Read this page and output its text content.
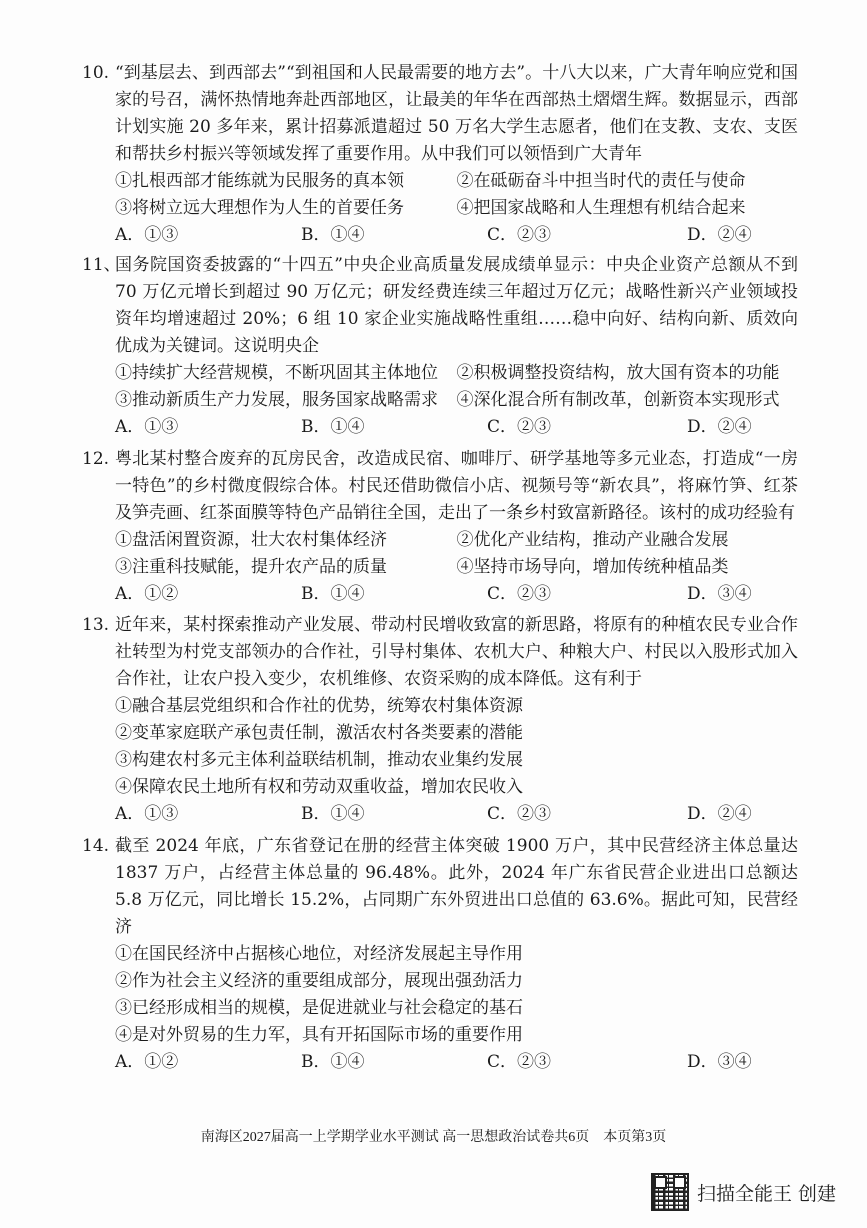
10. “到基层去、到西部去”“到祖国和人民最需要的地方去”。十八大以来，广大青年响应党和国家的号召，满怀热情地奔赴西部地区，让最美的年华在西部热土熠熠生辉。数据显示，西部计划实施 20 多年来，累计招募派遣超过 50 万名大学生志愿者，他们在支教、支农、支医和帮扶乡村振兴等领域发挥了重要作用。从中我们可以领悟到广大青年
①扎根西部才能练就为民服务的真本领	②在砥砺奋斗中担当时代的责任与使命
③将树立远大理想作为人生的首要任务	④把国家战略和人生理想有机结合起来
A．①③	B．①④	C．②③	D．②④
11、
国务院国资委披露的“十四五”中央企业高质量发展成绩单显示：中央企业资产总额从不到 70 万亿元增长到超过 90 万亿元；研发经费连续三年超过万亿元；战略性新兴产业领域投资年均增速超过 20%；6 组 10 家企业实施战略性重组……稳中向好、结构向新、质效向优成为关键词。这说明央企
①持续扩大经营规模，不断巩固其主体地位	②积极调整投资结构，放大国有资本的功能
③推动新质生产力发展，服务国家战略需求	④深化混合所有制改革，创新资本实现形式
A．①③	B．①④	C．②③	D．②④
12. 粤北某村整合废弃的瓦房民舍，改造成民宿、咖啡厅、研学基地等多元业态，打造成“一房一特色”的乡村微度假综合体。村民还借助微信小店、视频号等“新农具”，将麻竹笋、红茶及笋壳画、红茶面膜等特色产品销往全国，走出了一条乡村致富新路径。该村的成功经验有
①盘活闲置资源，壮大农村集体经济	②优化产业结构，推动产业融合发展
③注重科技赋能，提升农产品的质量	④坚持市场导向，增加传统种植品类
A．①②	B．①④	C．②③	D．③④
13. 近年来，某村探索推动产业发展、带动村民增收致富的新思路，将原有的种植农民专业合作社转型为村党支部领办的合作社，引导村集体、农机大户、种粮大户、村民以入股形式加入合作社，让农户投入变少，农机维修、农资采购的成本降低。这有利于
①融合基层党组织和合作社的优势，统筹农村集体资源
②变革家庭联产承包责任制，激活农村各类要素的潜能
③构建农村多元主体利益联结机制，推动农业集约发展
④保障农民土地所有权和劳动双重收益，增加农民收入
A．①③	B．①④	C．②③	D．②④
14. 截至 2024 年底，广东省登记在册的经营主体突破 1900 万户，其中民营经济主体总量达 1837 万户，占经营主体总量的 96.48%。此外，2024 年广东省民营企业进出口总额达 5.8 万亿元，同比增长 15.2%，占同期广东外贸进出口总值的 63.6%。据此可知，民营经济
①在国民经济中占据核心地位，对经济发展起主导作用
②作为社会主义经济的重要组成部分，展现出强劲活力
③已经形成相当的规模，是促进就业与社会稳定的基石
④是对外贸易的生力军，具有开拓国际市场的重要作用
A．①②	B．①④	C．②③	D．③④
南海区2027届高一上学期学业水平测试 高一思想政治试卷共6页    本页第3页
扫描全能王 创建
